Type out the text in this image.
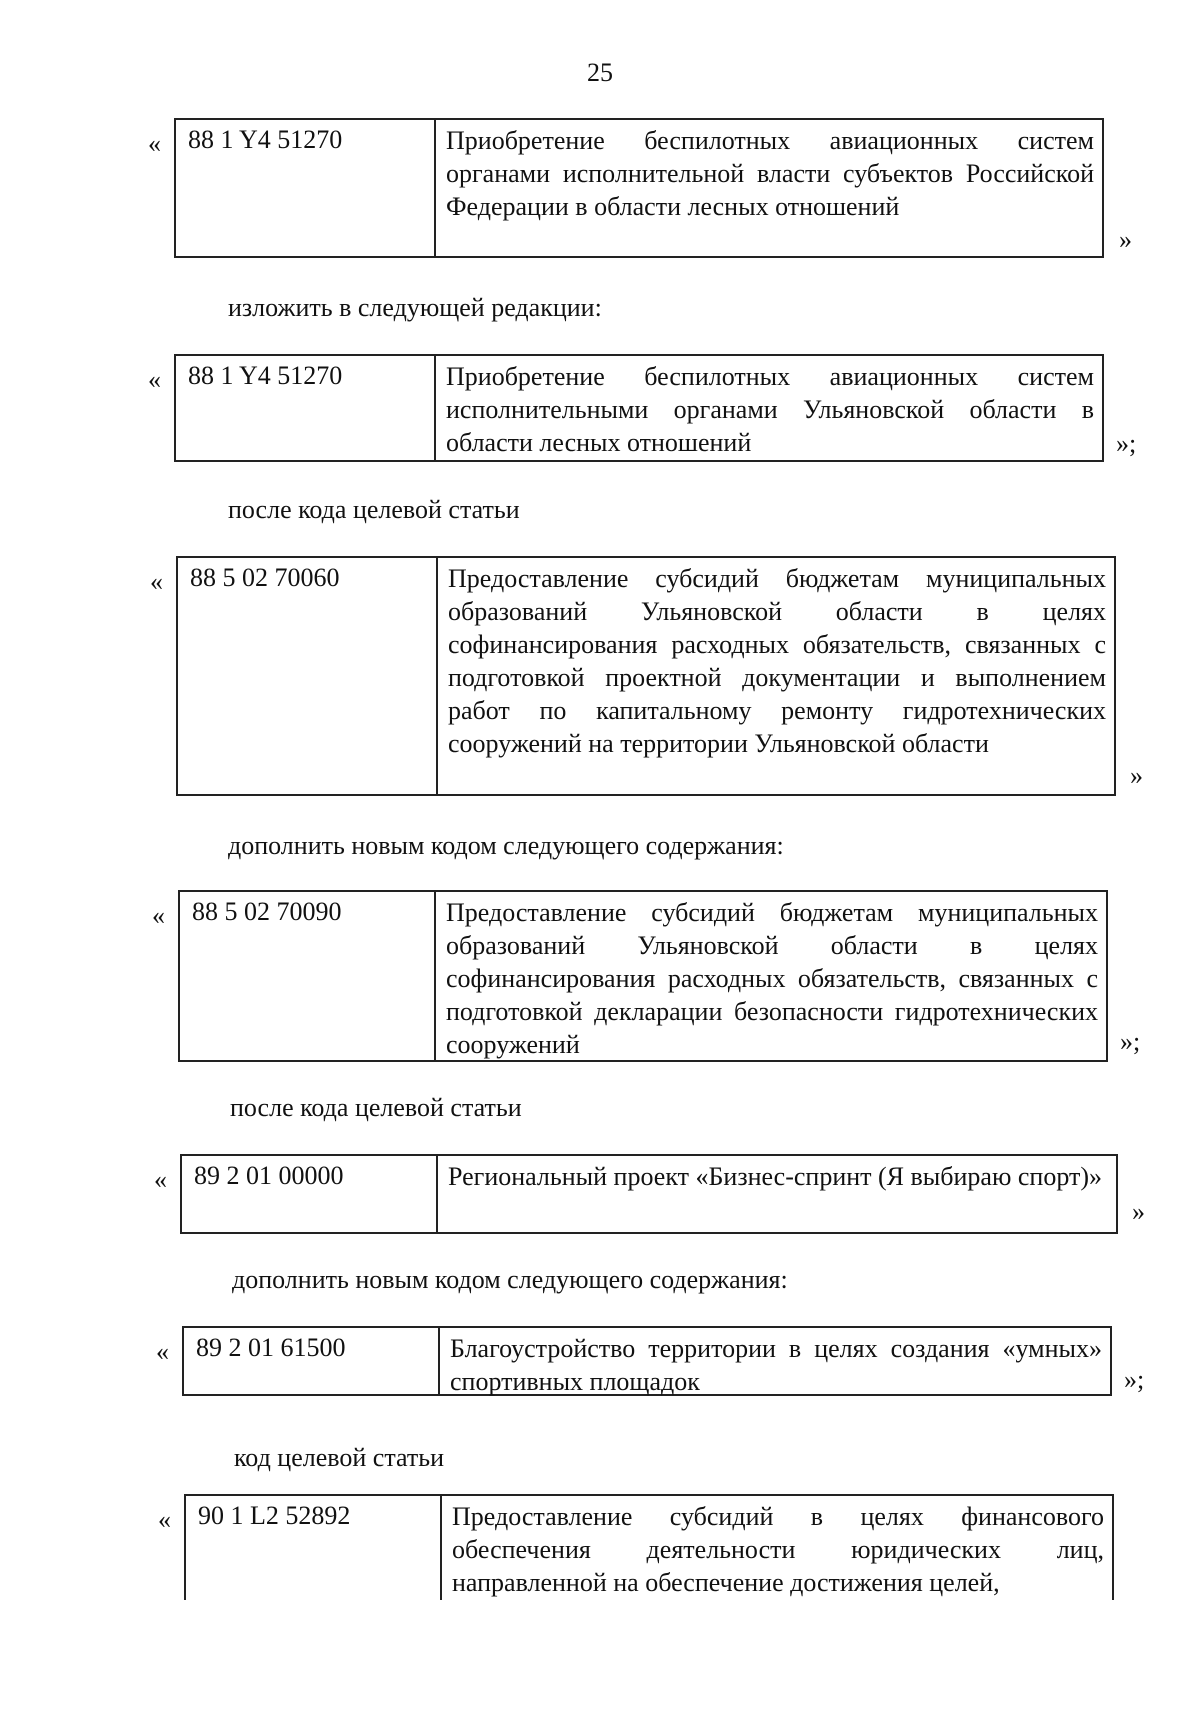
25
«	88 1 Y4 51270	Приобретение беспилотных авиационных систем органами исполнительной власти субъектов Российской Федерации в области лесных отношений
»
изложить в следующей редакции:
«	88 1 Y4 51270	Приобретение беспилотных авиационных систем исполнительными органами Ульяновской области в области лесных отношений	»;
после кода целевой статьи
«	88 5 02 70060	Предоставление субсидий бюджетам муниципальных образований Ульяновской области в целях софинансирования расходных обязательств, связанных с подготовкой проектной документации и выполнением работ по капитальному ремонту гидротехнических сооружений на территории Ульяновской области
»
дополнить новым кодом следующего содержания:
«	88 5 02 70090	Предоставление субсидий бюджетам муниципальных образований Ульяновской области в целях софинансирования расходных обязательств, связанных с подготовкой декларации безопасности гидротехнических сооружений	»;
после кода целевой статьи
«	89 2 01 00000	Региональный проект «Бизнес-спринт (Я выбираю спорт)»
»
дополнить новым кодом следующего содержания:
«	89 2 01 61500	Благоустройство территории в целях создания «умных» спортивных площадок	»;
код целевой статьи
«	90 1 L2 52892	Предоставление субсидий в целях финансового обеспечения деятельности юридических лиц, направленной на обеспечение достижения целей,
